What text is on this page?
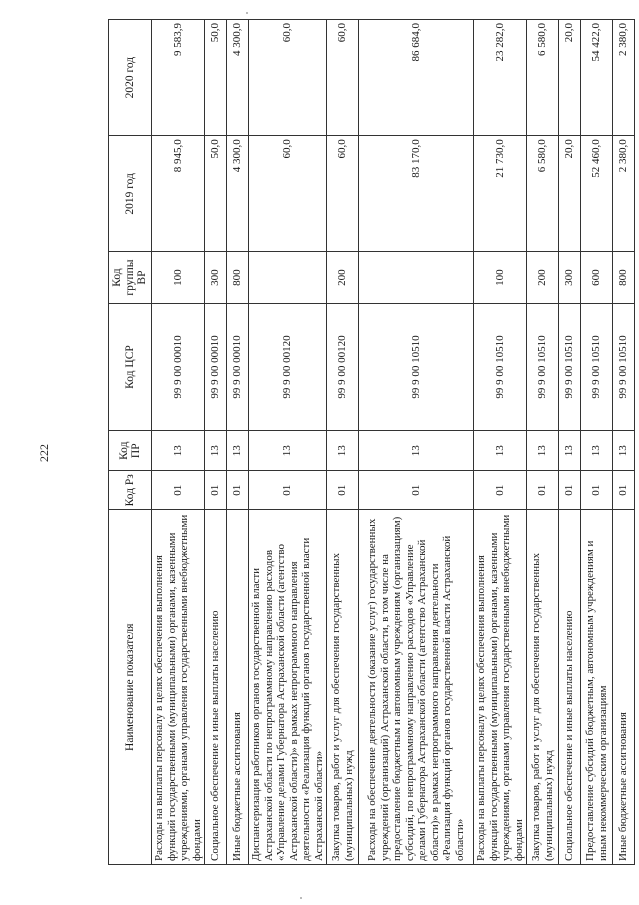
222
Наименование показателя	Код Рз	Код ПР	Код ЦСР	Код группы ВР	2019 год	2020 год
Расходы на выплаты персоналу в целях обеспечения выполнения функций государственными (муниципальными) органами, казенными учреждениями, органами управления государственными внебюджетными фондами	01	13	99 9 00 00010	100	8 945,0	9 583,9
Социальное обеспечение и иные выплаты населению	01	13	99 9 00 00010	300	50,0	50,0
Иные бюджетные ассигнования	01	13	99 9 00 00010	800	4 300,0	4 300,0
Диспансеризация работников органов государственной власти Астраханской области по непрограммному направлению расходов «Управление делами Губернатора Астраханской области (агентство Астраханской области)» в рамках непрограммного направления деятельности «Реализация функций органов государственной власти Астраханской области»	01	13	99 9 00 00120		60,0	60,0
Закупка товаров, работ и услуг для обеспечения государственных (муниципальных) нужд	01	13	99 9 00 00120	200	60,0	60,0
Расходы на обеспечение деятельности (оказание услуг) государственных учреждений (организаций) Астраханской области, в том числе на предоставление бюджетным и автономным учреждениям (организациям) субсидий, по непрограммному направлению расходов «Управление делами Губернатора Астраханской области (агентство Астраханской области)» в рамках непрограммного направления деятельности «Реализация функций органов государственной власти Астраханской области»	01	13	99 9 00 10510		83 170,0	86 684,0
Расходы на выплаты персоналу в целях обеспечения выполнения функций государственными (муниципальными) органами, казенными учреждениями, органами управления государственными внебюджетными фондами	01	13	99 9 00 10510	100	21 730,0	23 282,0
Закупка товаров, работ и услуг для обеспечения государственных (муниципальных) нужд	01	13	99 9 00 10510	200	6 580,0	6 580,0
Социальное обеспечение и иные выплаты населению	01	13	99 9 00 10510	300	20,0	20,0
Предоставление субсидий бюджетным, автономным учреждениям и иным некоммерческим организациям	01	13	99 9 00 10510	600	52 460,0	54 422,0
Иные бюджетные ассигнования	01	13	99 9 00 10510	800	2 380,0	2 380,0
